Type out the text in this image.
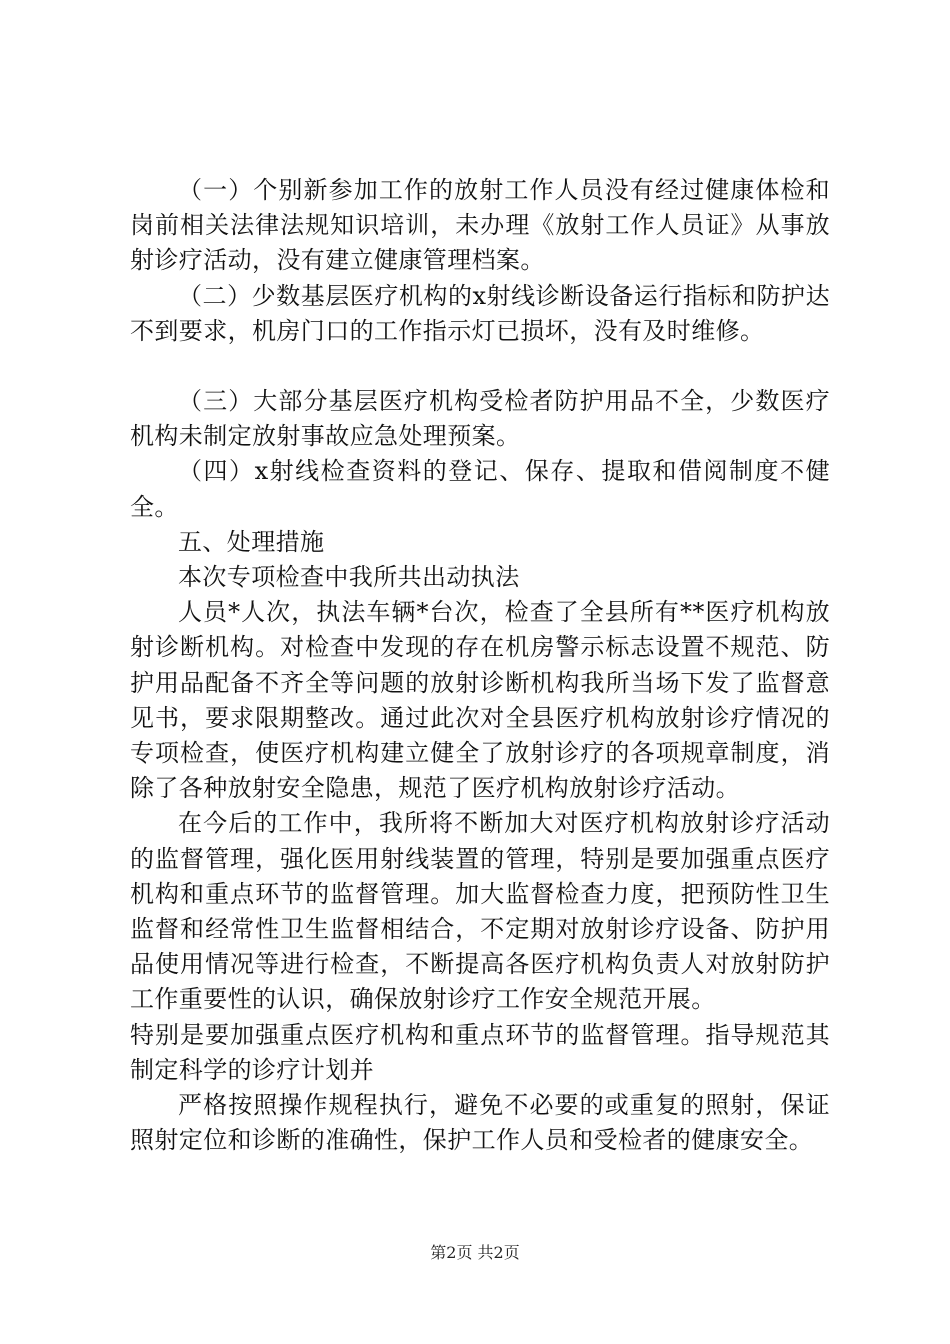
（一）个别新参加工作的放射工作人员没有经过健康体检和岗前相关法律法规知识培训，未办理《放射工作人员证》从事放射诊疗活动，没有建立健康管理档案。

（二）少数基层医疗机构的x射线诊断设备运行指标和防护达不到要求，机房门口的工作指示灯已损坏，没有及时维修。

（三）大部分基层医疗机构受检者防护用品不全，少数医疗机构未制定放射事故应急处理预案。

（四）x射线检查资料的登记、保存、提取和借阅制度不健全。

五、处理措施

本次专项检查中我所共出动执法

人员*人次，执法车辆*台次，检查了全县所有**医疗机构放射诊断机构。对检查中发现的存在机房警示标志设置不规范、防护用品配备不齐全等问题的放射诊断机构我所当场下发了监督意见书，要求限期整改。通过此次对全县医疗机构放射诊疗情况的专项检查，使医疗机构建立健全了放射诊疗的各项规章制度，消除了各种放射安全隐患，规范了医疗机构放射诊疗活动。

在今后的工作中，我所将不断加大对医疗机构放射诊疗活动的监督管理，强化医用射线装置的管理，特别是要加强重点医疗机构和重点环节的监督管理。加大监督检查力度，把预防性卫生监督和经常性卫生监督相结合，不定期对放射诊疗设备、防护用品使用情况等进行检查，不断提高各医疗机构负责人对放射防护工作重要性的认识，确保放射诊疗工作安全规范开展。

特别是要加强重点医疗机构和重点环节的监督管理。指导规范其制定科学的诊疗计划并

严格按照操作规程执行，避免不必要的或重复的照射，保证照射定位和诊断的准确性，保护工作人员和受检者的健康安全。

第2页 共2页
